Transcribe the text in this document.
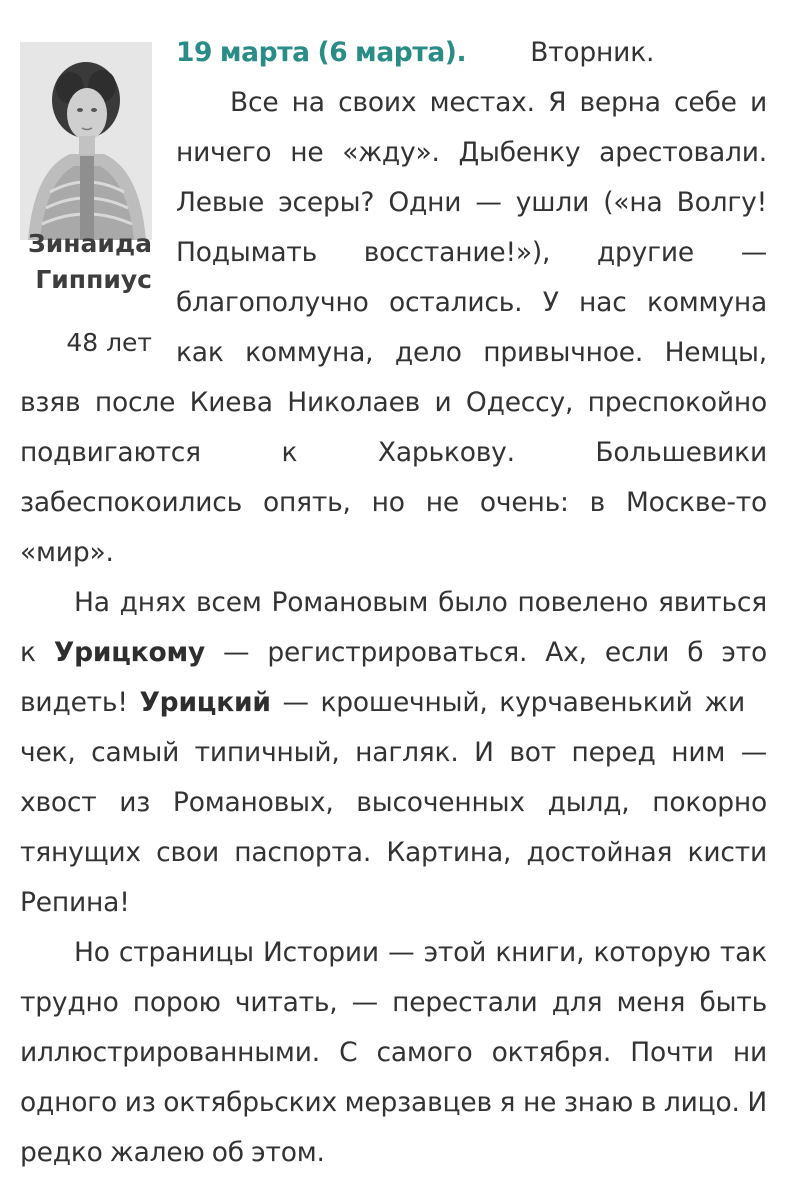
Зинаида
Гиппиус
48 лет

19 марта (6 марта). Вторник.

Все на своих местах. Я верна себе и ничего не «жду». Дыбенку арестовали. Левые эсеры? Одни — ушли («на Волгу! Подымать восстание!»), другие — благополучно остались. У нас коммуна как коммуна, дело привычное. Немцы, взяв после Киева Николаев и Одессу, преспокойно подвигаются к Харькову. Большевики забеспокоились опять, но не очень: в Москве-то «мир».

На днях всем Романовым было повелено явиться к Урицкому — регистрироваться. Ах, если б это видеть! Урицкий — крошечный, курчавенький жичек, самый типичный, нагляк. И вот перед ним — хвост из Романовых, высоченных дылд, покорно тянущих свои паспорта. Картина, достойная кисти Репина!

Но страницы Истории — этой книги, которую так трудно порою читать, — перестали для меня быть иллюстрированными. С самого октября. Почти ни одного из октябрьских мерзавцев я не знаю в лицо. И редко жалею об этом.
